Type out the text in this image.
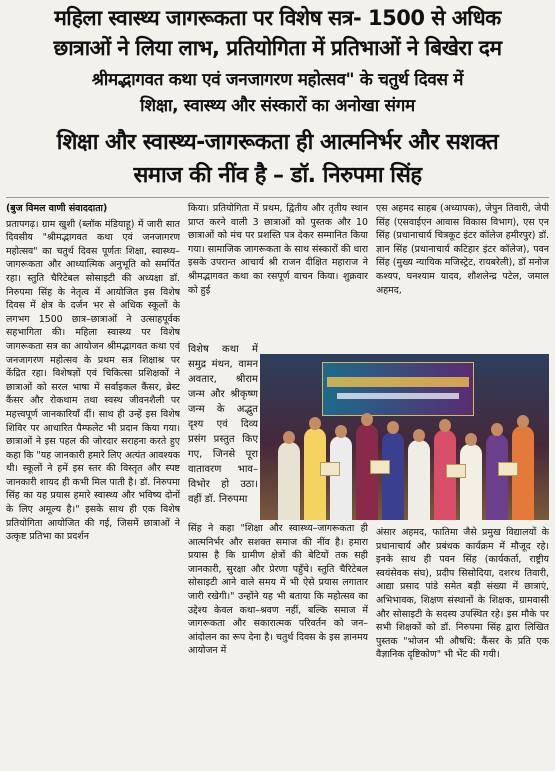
महिला स्वास्थ्य जागरूकता पर विशेष सत्र- 1500 से अधिक
छात्राओं ने लिया लाभ, प्रतियोगिता में प्रतिभाओं ने बिखेरा दम
श्रीमद्भागवत कथा एवं जनजागरण महोत्सव" के चतुर्थ दिवस में
शिक्षा, स्वास्थ्य और संस्कारों का अनोखा संगम
शिक्षा और स्वास्थ्य-जागरूकता ही आत्मनिर्भर और सशक्त
समाज की नींव है – डॉ. निरुपमा सिंह

(बुज विमल वाणी संवाददाता)

प्रतापगढ़। ग्राम खुशी (ब्लॉक मंडियाहू) में जारी सात दिवसीय "श्रीमद्भागवत कथा एवं जनजागरण महोत्सव" का चतुर्थ दिवस पूर्णतः शिक्षा, स्वास्थ्य–जागरूकता और आध्यात्मिक अनुभूति को समर्पित रहा। स्तुति चैरिटेबल सोसाइटी की अध्यक्षा डॉ. निरुपमा सिंह के नेतृत्व में आयोजित इस विशेष दिवस में क्षेत्र के दर्जन भर से अधिक स्कूलों के लगभग 1500 छात्र–छात्राओं ने उत्साहपूर्वक सहभागिता की। महिला स्वास्थ्य पर विशेष जागरूकता सत्र का आयोजन श्रीमद्भागवत कथा एवं जनजागरण महोत्सव के प्रथम सत्र शिक्षाश्र पर केंद्रित रहा। विशेषज्ञों एवं चिकित्सा प्रशिक्षकों ने छात्राओं को सरल भाषा में सर्वाइकल कैंसर, ब्रेस्ट कैंसर और रोकथाम तथा स्वस्थ जीवनशैली पर महत्त्वपूर्ण जानकारियाँ दीं। साथ ही उन्हें इस विशेष शिविर पर आधारित पैम्फलेट भी प्रदान किया गया। छात्राओं ने इस पहल की जोरदार सराहना करते हुए कहा कि "यह जानकारी हमारे लिए अत्यंत आवश्यक थी। स्कूलों ने हमें इस स्तर की विस्तृत और स्पष्ट जानकारी शायद ही कभी मिल पाती है। डॉ. निरुपमा सिंह का यह प्रयास हमारे स्वास्थ्य और भविष्य दोनों के लिए अमूल्य है।" इसके साथ ही एक विशेष प्रतियोगिता आयोजित की गई, जिसमें छात्राओं ने उत्कृष्ट प्रतिभा का प्रदर्शन

किया। प्रतियोगिता में प्रथम, द्वितीय और तृतीय स्थान प्राप्त करने वाली 3 छात्राओं को पुस्तक और 10 छात्राओं को मंच पर प्रशस्ति पत्र देकर सम्मानित किया गया। सामाजिक जागरूकता के साथ संस्कारों की धारा इसके उपरान्त आचार्य श्री राजन दीक्षित महाराज ने श्रीमद्भागवत कथा का रसपूर्ण वाचन किया। शुक्रवार को हुई

एस अहमद साहब (अध्यापक), जेपुन तिवारी, जेपी सिंह (एसवाईएन आवास विकास विभाग), एस एन सिंह (प्रधानाचार्य चित्रकूट इंटर कॉलेज हमीरपुर) डॉ. ज्ञान सिंह (प्रधानाचार्य कटिहार इंटर कॉलेज), पवन सिंह (मुख्य न्यायिक मजिस्ट्रेट, रायबरेली), डॉ मनोज कश्यप, घनश्याम यादव, शौशलेन्द्र पटेल, जमाल अहमद,

विशेष कथा में समुद्र मंथन, वामन अवतार, श्रीराम जन्म और श्रीकृष्ण जन्म के अद्भुत दृश्य एवं दिव्य प्रसंग प्रस्तुत किए गए, जिनसे पूरा वातावरण भाव–विभोर हो उठा। वहीं डॉ. निरुपमा

सिंह ने कहा "शिक्षा और स्वास्थ्य–जागरूकता ही आत्मनिर्भर और सशक्त समाज की नींव है। हमारा प्रयास है कि ग्रामीण क्षेत्रों की बेटियों तक सही जानकारी, सुरक्षा और प्रेरणा पहुँचे। स्तुति चैरिटेबल सोसाइटी आने वाले समय में भी ऐसे प्रयास लगातार जारी रखेगी।" उन्होंने यह भी बताया कि महोत्सव का उद्देश्य केवल कथा–श्रवण नहीं, बल्कि समाज में जागरूकता और सकारात्मक परिवर्तन को जन–आंदोलन का रूप देना है। चतुर्थ दिवस के इस ज्ञानमय आयोजन में

अंसार अहमद, फातिमा जैसे प्रमुख विद्यालयों के प्रधानाचार्य और प्रबंधक कार्यक्रम में मौजूद रहे। इनके साथ ही पवन सिंह (कार्यकर्ता, राष्ट्रीय स्वयंसेवक संघ), प्रदीप सिसोदिया, दशरथ तिवारी, आद्या प्रसाद पांडे समेत बड़ी संख्या में छात्राएं, अभिभावक, शिक्षण संस्थानों के शिक्षक, ग्रामवासी और सोसाइटी के सदस्य उपस्थित रहे। इस मौके पर सभी शिक्षकों को डॉ. निरुपमा सिंह द्वारा लिखित पुस्तक "भोजन भी औषधि: कैंसर के प्रति एक वैज्ञानिक दृष्टिकोण" भी भेंट की गयी।
